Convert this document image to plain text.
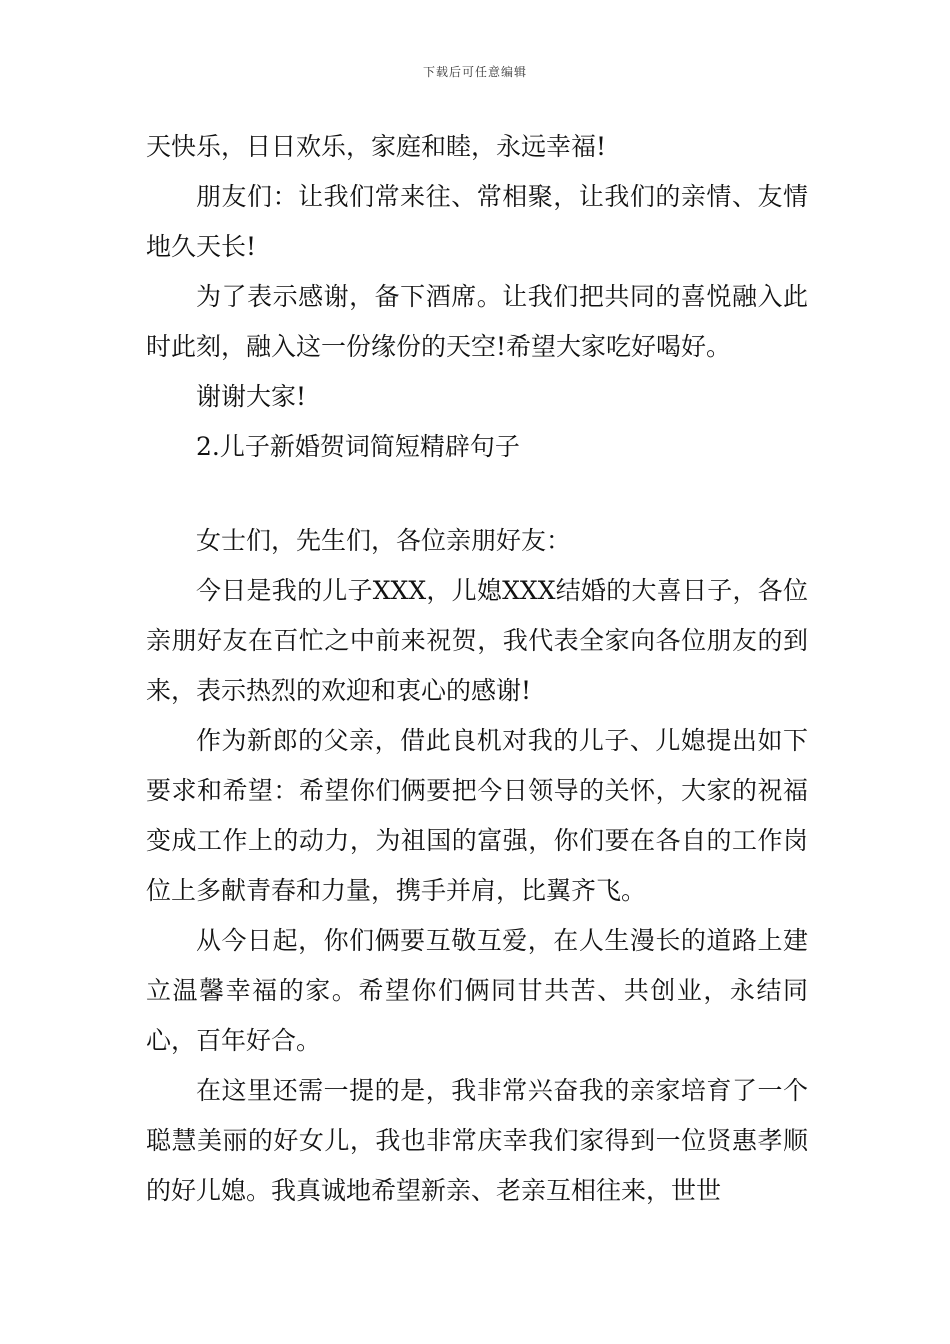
下载后可任意编辑

天快乐，日日欢乐，家庭和睦，永远幸福!

朋友们：让我们常来往、常相聚，让我们的亲情、友情地久天长!

为了表示感谢，备下酒席。让我们把共同的喜悦融入此时此刻，融入这一份缘份的天空!希望大家吃好喝好。

谢谢大家!

2.儿子新婚贺词简短精辟句子

女士们，先生们，各位亲朋好友：

今日是我的儿子XXX，儿媳XXX结婚的大喜日子，各位亲朋好友在百忙之中前来祝贺，我代表全家向各位朋友的到来，表示热烈的欢迎和衷心的感谢!

作为新郎的父亲，借此良机对我的儿子、儿媳提出如下要求和希望：希望你们俩要把今日领导的关怀，大家的祝福变成工作上的动力，为祖国的富强，你们要在各自的工作岗位上多献青春和力量，携手并肩，比翼齐飞。

从今日起，你们俩要互敬互爱，在人生漫长的道路上建立温馨幸福的家。希望你们俩同甘共苦、共创业，永结同心，百年好合。

在这里还需一提的是，我非常兴奋我的亲家培育了一个聪慧美丽的好女儿，我也非常庆幸我们家得到一位贤惠孝顺的好儿媳。我真诚地希望新亲、老亲互相往来，世世
